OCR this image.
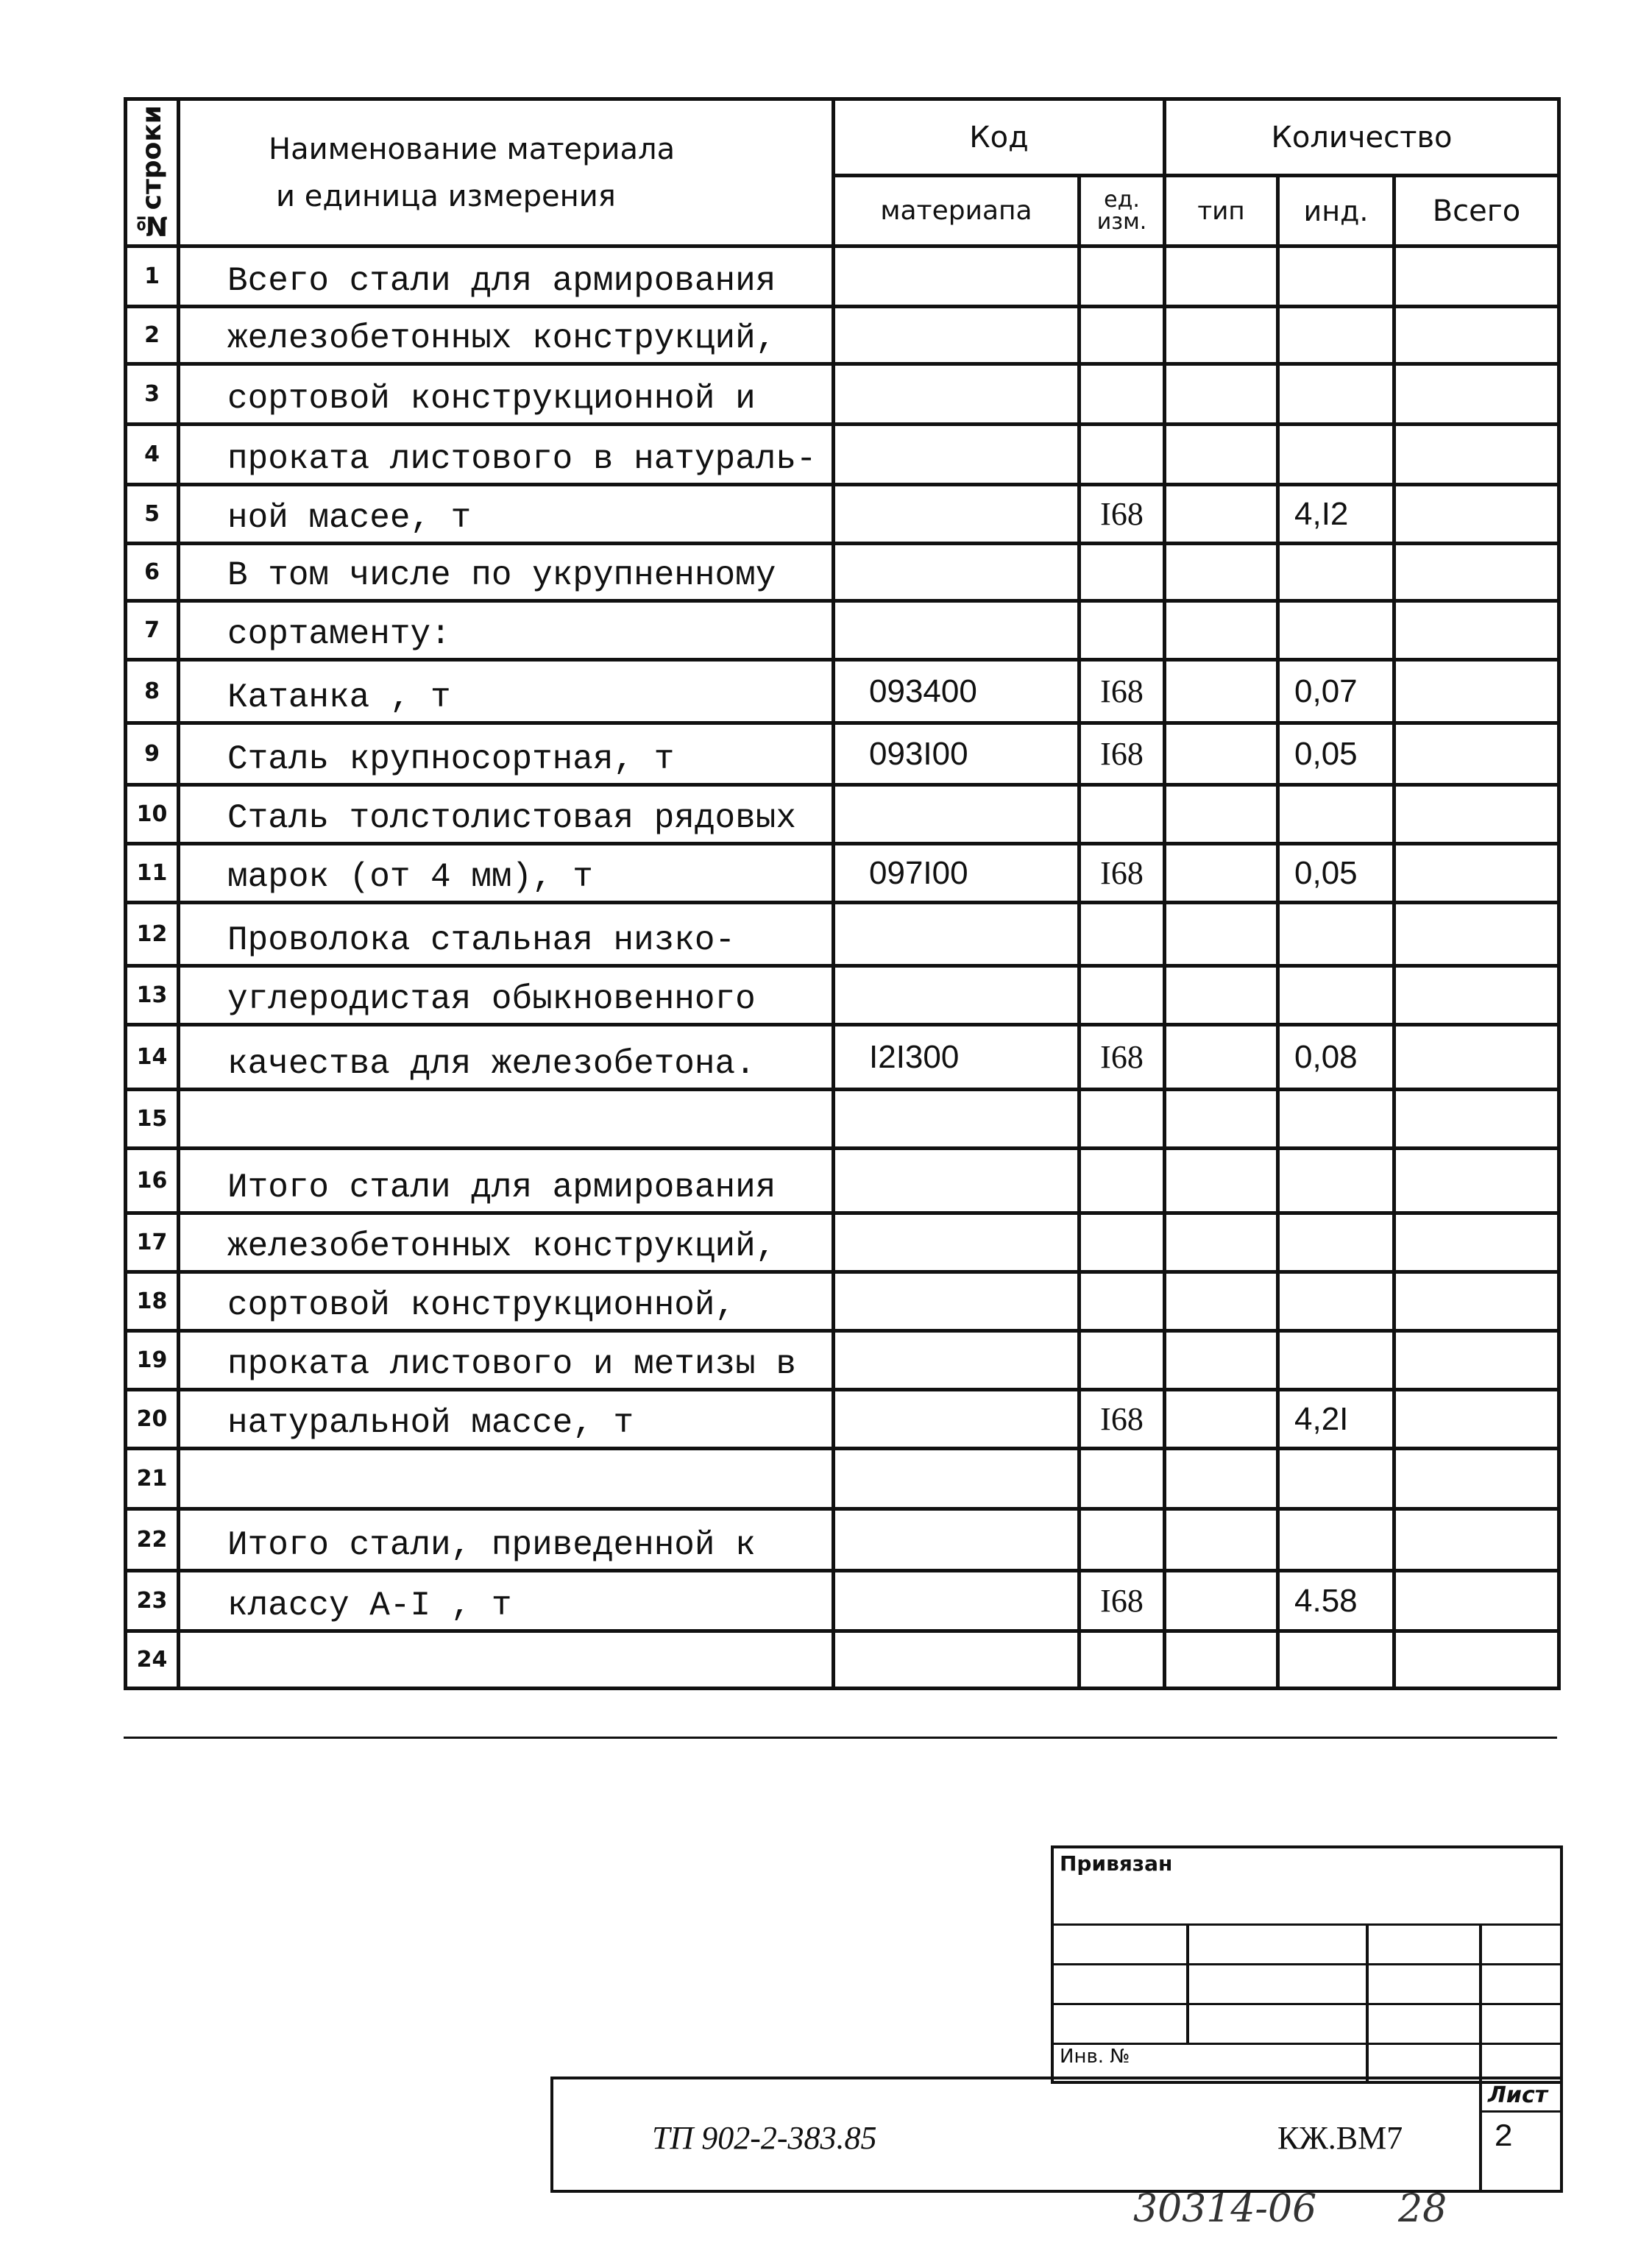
№строки	Наименование материала
и единица измерения	Код		Количество		
		материапа	ед. изм.	тип	инд.	Всего
1	Всего стали для армирования					
2	железобетонных конструкций,					
3	сортовой конструкционной и					
4	проката листового в натураль-					
5	ной масее, т		I68		4,I2	
6	В том числе по укрупненному					
7	сортаменту:					
8	Катанка , т	093400	I68		0,07	
9	Сталь крупносортная, т	093I00	I68		0,05	
10	Сталь толстолистовая рядовых					
11	марок (от 4 мм), т	097I00	I68		0,05	
12	Проволока стальная низко-					
13	углеродистая обыкновенного					
14	качества для железобетона.	I2I300	I68		0,08	
15						
16	Итого стали для армирования					
17	железобетонных конструкций,					
18	сортовой конструкционной,					
19	проката листового и метизы в					
20	натуральной массе, т		I68		4,2I	
21						
22	Итого стали, приведенной к					
23	классу А-I , т		I68		4.58	
24						
Привязан
Инв. №
Лист
2
ТП 902-2-383.85	КЖ.ВМ7
30314-06 28
